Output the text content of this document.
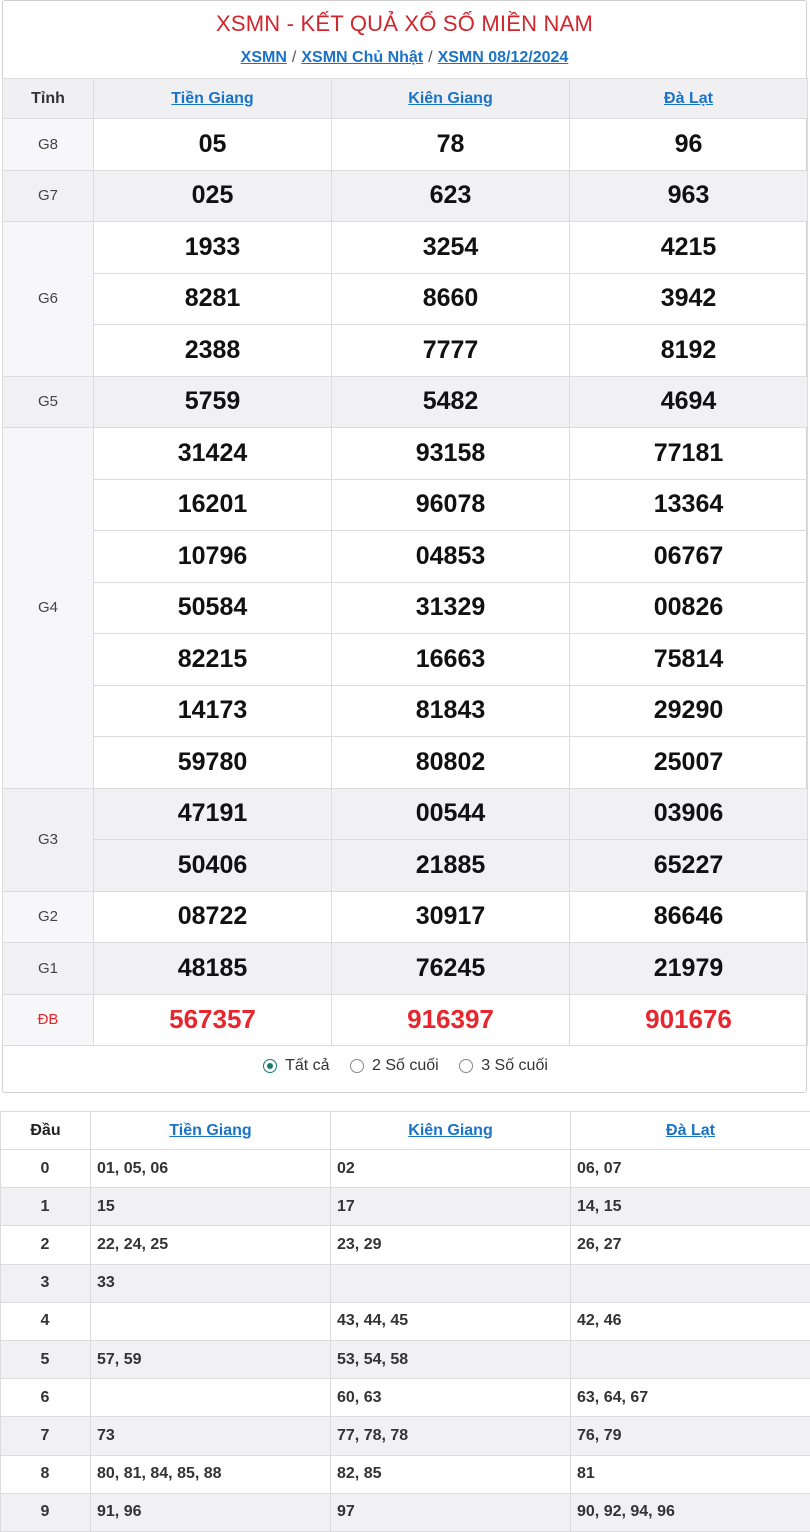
XSMN - KẾT QUẢ XỔ SỐ MIỀN NAM
XSMN / XSMN Chủ Nhật / XSMN 08/12/2024
Tất cả
	2 Số cuối
	3 Số cuối
Tỉnh	Tiền Giang	Kiên Giang	Đà Lạt
G8	05	78	96
G7	025	623	963
G6	1933	3254	4215
	8281	8660	3942
	2388	7777	8192
G5	5759	5482	4694
G4	31424	93158	77181
	16201	96078	13364
	10796	04853	06767
	50584	31329	00826
	82215	16663	75814
	14173	81843	29290
	59780	80802	25007
G3	47191	00544	03906
	50406	21885	65227
G2	08722	30917	86646
G1	48185	76245	21979
ĐB	567357	916397	901676
Đầu	Tiền Giang	Kiên Giang	Đà Lạt
0	01, 05, 06	02	06, 07
1	15	17	14, 15
2	22, 24, 25	23, 29	26, 27
3	33		
4		43, 44, 45	42, 46
5	57, 59	53, 54, 58	
6		60, 63	63, 64, 67
7	73	77, 78, 78	76, 79
8	80, 81, 84, 85, 88	82, 85	81
9	91, 96	97	90, 92, 94, 96
